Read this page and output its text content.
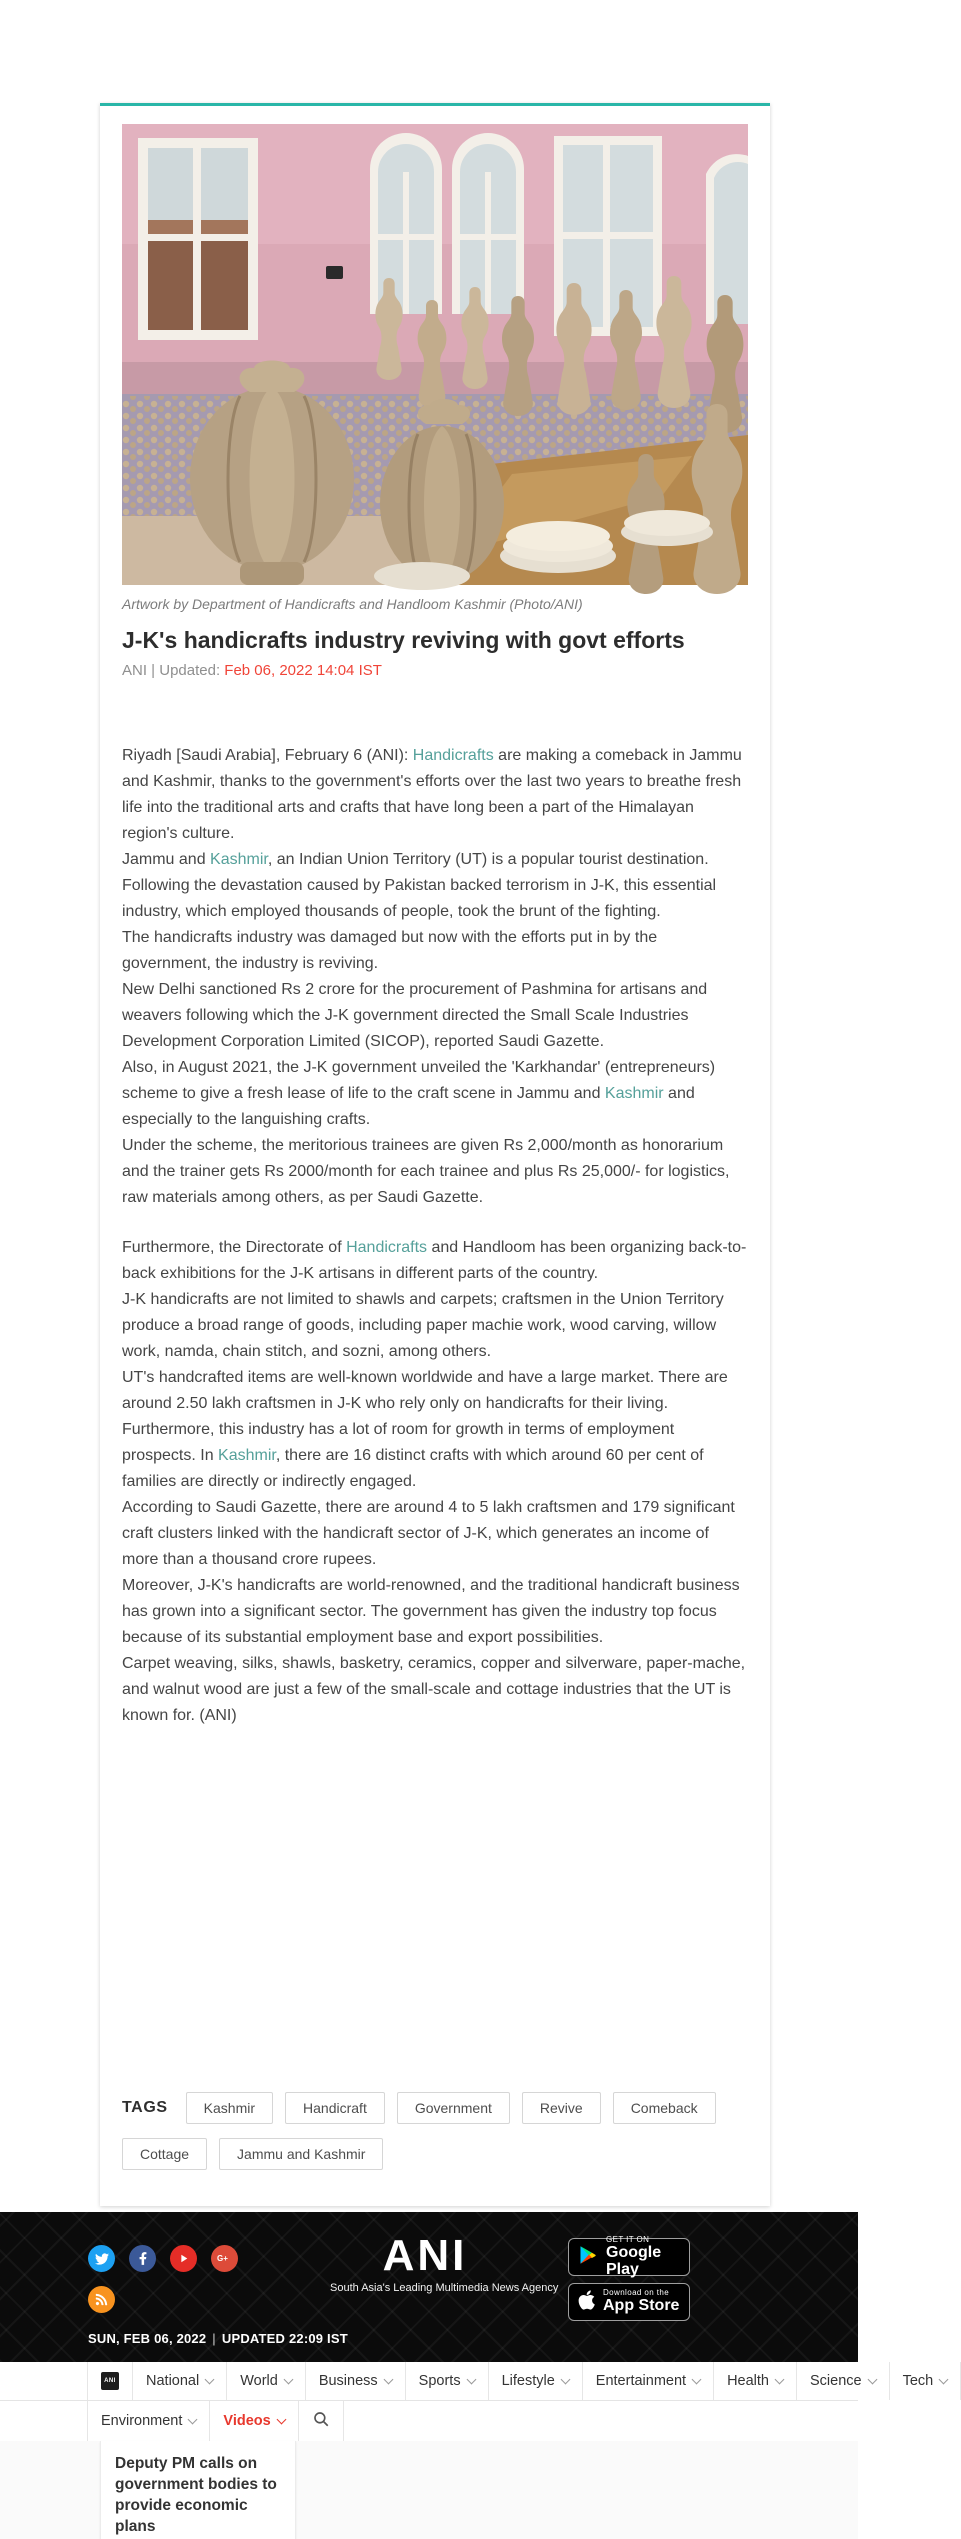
Artwork by Department of Handicrafts and Handloom Kashmir (Photo/ANI)
J-K's handicrafts industry reviving with govt efforts
ANI | Updated: Feb 06, 2022 14:04 IST

Riyadh [Saudi Arabia], February 6 (ANI): Handicrafts are making a comeback in Jammu and Kashmir, thanks to the government's efforts over the last two years to breathe fresh life into the traditional arts and crafts that have long been a part of the Himalayan region's culture.

Jammu and Kashmir, an Indian Union Territory (UT) is a popular tourist destination.

Following the devastation caused by Pakistan backed terrorism in J-K, this essential industry, which employed thousands of people, took the brunt of the fighting.

The handicrafts industry was damaged but now with the efforts put in by the government, the industry is reviving.

New Delhi sanctioned Rs 2 crore for the procurement of Pashmina for artisans and weavers following which the J-K government directed the Small Scale Industries Development Corporation Limited (SICOP), reported Saudi Gazette.

Also, in August 2021, the J-K government unveiled the 'Karkhandar' (entrepreneurs) scheme to give a fresh lease of life to the craft scene in Jammu and Kashmir and especially to the languishing crafts.

Under the scheme, the meritorious trainees are given Rs 2,000/month as honorarium and the trainer gets Rs 2000/month for each trainee and plus Rs 25,000/- for logistics, raw materials among others, as per Saudi Gazette.

Furthermore, the Directorate of Handicrafts and Handloom has been organizing back-to-back exhibitions for the J-K artisans in different parts of the country.

J-K handicrafts are not limited to shawls and carpets; craftsmen in the Union Territory produce a broad range of goods, including paper machie work, wood carving, willow work, namda, chain stitch, and sozni, among others.

UT's handcrafted items are well-known worldwide and have a large market. There are around 2.50 lakh craftsmen in J-K who rely only on handicrafts for their living.

Furthermore, this industry has a lot of room for growth in terms of employment prospects. In Kashmir, there are 16 distinct crafts with which around 60 per cent of families are directly or indirectly engaged.

According to Saudi Gazette, there are around 4 to 5 lakh craftsmen and 179 significant craft clusters linked with the handicraft sector of J-K, which generates an income of more than a thousand crore rupees.

Moreover, J-K's handicrafts are world-renowned, and the traditional handicraft business has grown into a significant sector. The government has given the industry top focus because of its substantial employment base and export possibilities.

Carpet weaving, silks, shawls, basketry, ceramics, copper and silverware, paper-mache, and walnut wood are just a few of the small-scale and cottage industries that the UT is known for. (ANI)

TAGS	Kashmir	Handicraft	Government	Revive	Comeback
Cottage	Jammu and Kashmir
G+
SUN, FEB 06, 2022 | UPDATED 22:09 IST
ANI
South Asia's Leading Multimedia News Agency
GET IT ON
Google Play
Download on the
App Store
ANI National	World	Business	Sports	Lifestyle	Entertainment	Health	Science	Tech
Environment	Videos
Deputy PM calls on government bodies to provide economic plans
